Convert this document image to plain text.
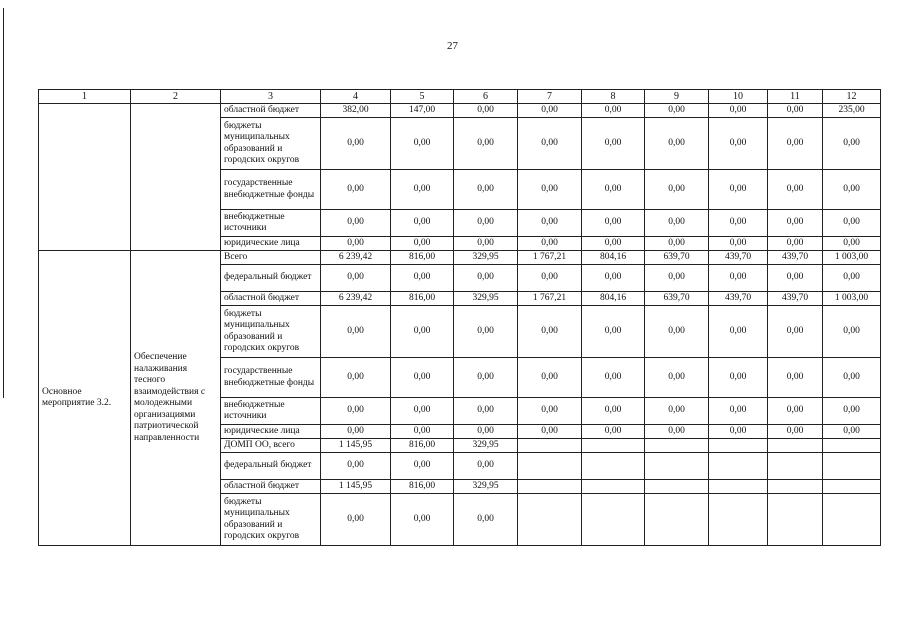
27
1	2	3	4	5	6	7	8	9	10	11	12
		областной бюджет	382,00	147,00	0,00	0,00	0,00	0,00	0,00	0,00	235,00
		бюджеты муниципальных образований и городских округов	0,00	0,00	0,00	0,00	0,00	0,00	0,00	0,00	0,00
		государственные внебюджетные фонды	0,00	0,00	0,00	0,00	0,00	0,00	0,00	0,00	0,00
		внебюджетные источники	0,00	0,00	0,00	0,00	0,00	0,00	0,00	0,00	0,00
		юридические лица	0,00	0,00	0,00	0,00	0,00	0,00	0,00	0,00	0,00
Основное мероприятие 3.2.	Обеспечение налаживания тесного взаимодействия с молодежными организациями патриотической направленности	Всего	6 239,42	816,00	329,95	1 767,21	804,16	639,70	439,70	439,70	1 003,00
		федеральный бюджет	0,00	0,00	0,00	0,00	0,00	0,00	0,00	0,00	0,00
		областной бюджет	6 239,42	816,00	329,95	1 767,21	804,16	639,70	439,70	439,70	1 003,00
		бюджеты муниципальных образований и городских округов	0,00	0,00	0,00	0,00	0,00	0,00	0,00	0,00	0,00
		государственные внебюджетные фонды	0,00	0,00	0,00	0,00	0,00	0,00	0,00	0,00	0,00
		внебюджетные источники	0,00	0,00	0,00	0,00	0,00	0,00	0,00	0,00	0,00
		юридические лица	0,00	0,00	0,00	0,00	0,00	0,00	0,00	0,00	0,00
		ДОМП ОО, всего	1 145,95	816,00	329,95						
		федеральный бюджет	0,00	0,00	0,00						
		областной бюджет	1 145,95	816,00	329,95						
		бюджеты муниципальных образований и городских округов	0,00	0,00	0,00						
